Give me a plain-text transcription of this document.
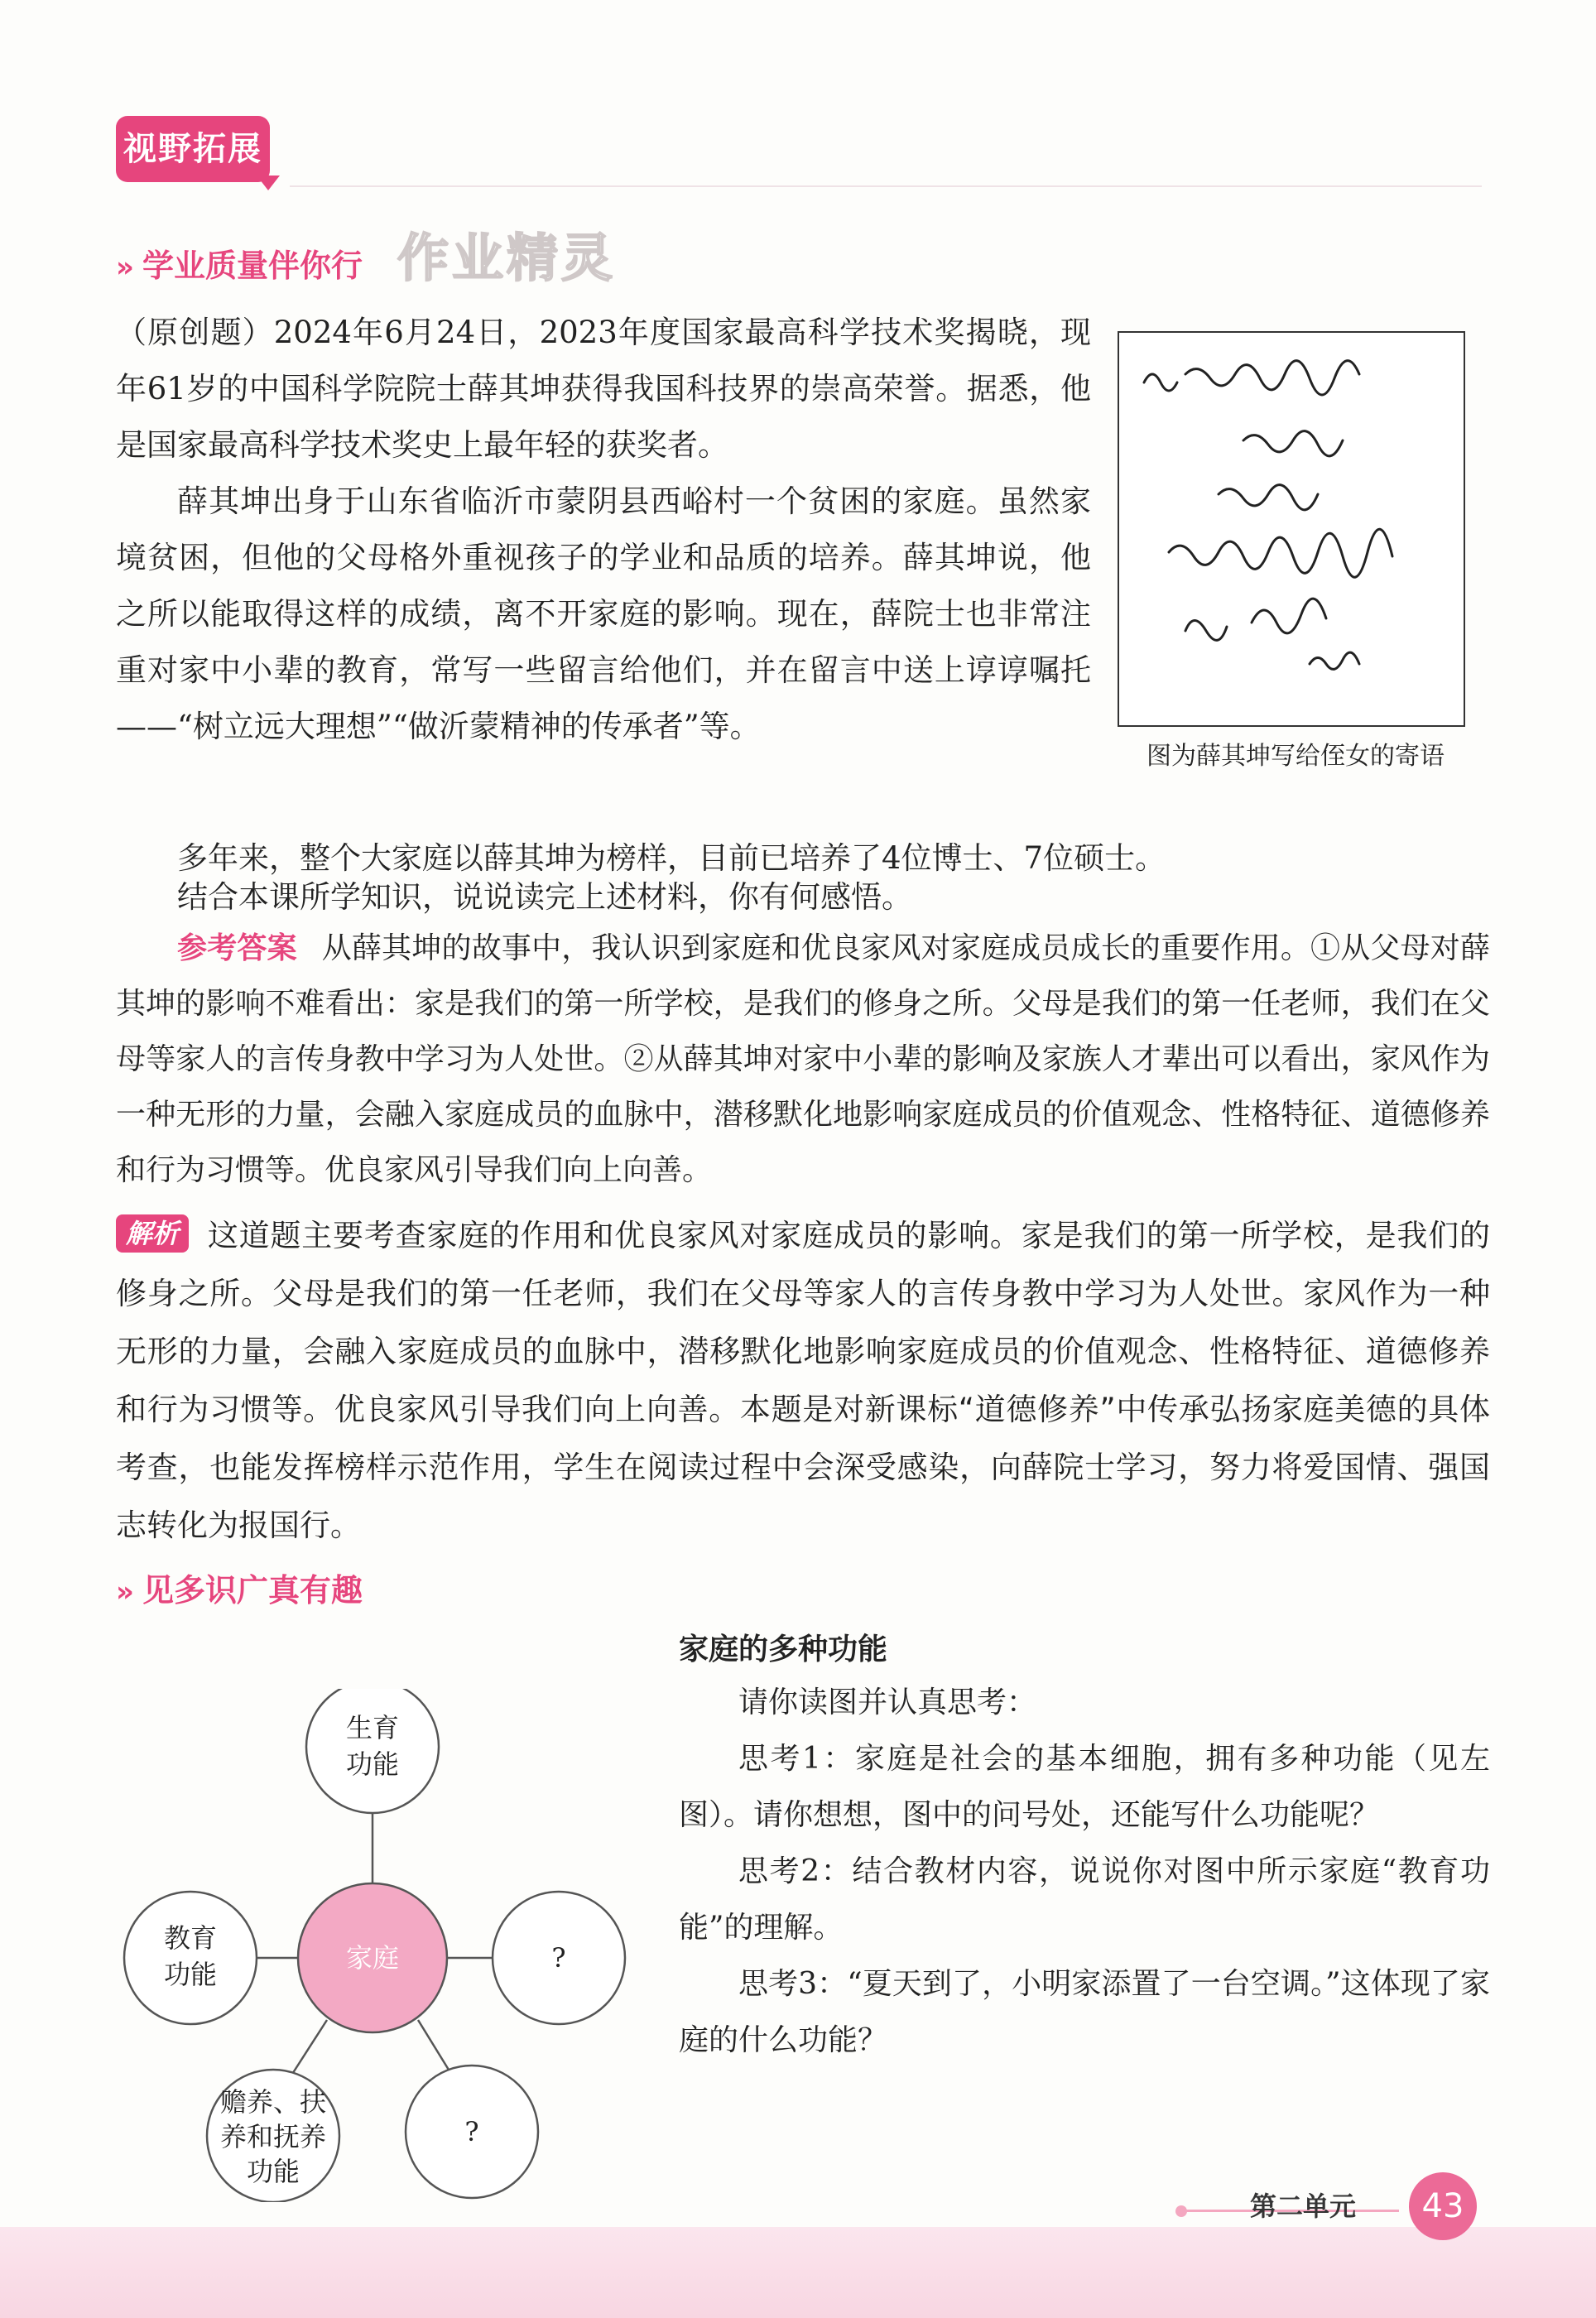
视野拓展
» 学业质量伴你行 作业精灵

（原创题）2024年6月24日，2023年度国家最高科学技术奖揭晓，现年61岁的中国科学院院士薛其坤获得我国科技界的崇高荣誉。据悉，他是国家最高科学技术奖史上最年轻的获奖者。

薛其坤出身于山东省临沂市蒙阴县西峪村一个贫困的家庭。虽然家境贫困，但他的父母格外重视孩子的学业和品质的培养。薛其坤说，他之所以能取得这样的成绩，离不开家庭的影响。现在，薛院士也非常注重对家中小辈的教育，常写一些留言给他们，并在留言中送上谆谆嘱托——“树立远大理想”“做沂蒙精神的传承者”等。

图为薛其坤写给侄女的寄语

多年来，整个大家庭以薛其坤为榜样，目前已培养了4位博士、7位硕士。

结合本课所学知识，说说读完上述材料，你有何感悟。

参考答案 从薛其坤的故事中，我认识到家庭和优良家风对家庭成员成长的重要作用。①从父母对薛其坤的影响不难看出：家是我们的第一所学校，是我们的修身之所。父母是我们的第一任老师，我们在父母等家人的言传身教中学习为人处世。②从薛其坤对家中小辈的影响及家族人才辈出可以看出，家风作为一种无形的力量，会融入家庭成员的血脉中，潜移默化地影响家庭成员的价值观念、性格特征、道德修养和行为习惯等。优良家风引导我们向上向善。
解析 这道题主要考查家庭的作用和优良家风对家庭成员的影响。家是我们的第一所学校，是我们的修身之所。父母是我们的第一任老师，我们在父母等家人的言传身教中学习为人处世。家风作为一种无形的力量，会融入家庭成员的血脉中，潜移默化地影响家庭成员的价值观念、性格特征、道德修养和行为习惯等。优良家风引导我们向上向善。本题是对新课标“道德修养”中传承弘扬家庭美德的具体考查，也能发挥榜样示范作用，学生在阅读过程中会深受感染，向薛院士学习，努力将爱国情、强国志转化为报国行。
» 见多识广真有趣
家庭
生育
功能
教育
功能
?
赡养、扶
养和抚养
功能
?
家庭的多种功能

请你读图并认真思考：

思考1：家庭是社会的基本细胞，拥有多种功能（见左图）。请你想想，图中的问号处，还能写什么功能呢？

思考2：结合教材内容，说说你对图中所示家庭“教育功能”的理解。

思考3：“夏天到了，小明家添置了一台空调。”这体现了家庭的什么功能？

第二单元	43
